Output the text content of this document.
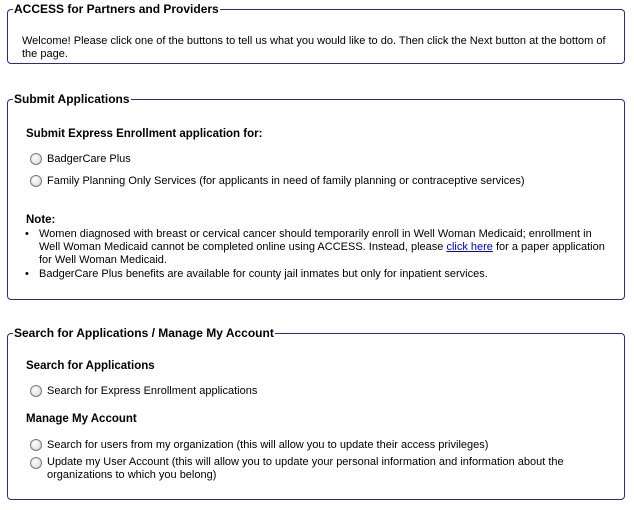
ACCESS for Partners and Providers
Welcome! Please click one of the buttons to tell us what you would like to do. Then click the Next button at the bottom of the page.
Submit Applications
Submit Express Enrollment application for:
BadgerCare Plus
Family Planning Only Services (for applicants in need of family planning or contraceptive services)
Note:
• Women diagnosed with breast or cervical cancer should temporarily enroll in Well Woman Medicaid; enrollment in Well Woman Medicaid cannot be completed online using ACCESS. Instead, please click here for a paper application for Well Woman Medicaid.
• BadgerCare Plus benefits are available for county jail inmates but only for inpatient services.
Search for Applications / Manage My Account
Search for Applications
Search for Express Enrollment applications
Manage My Account
Search for users from my organization (this will allow you to update their access privileges)
Update my User Account (this will allow you to update your personal information and information about the organizations to which you belong)
